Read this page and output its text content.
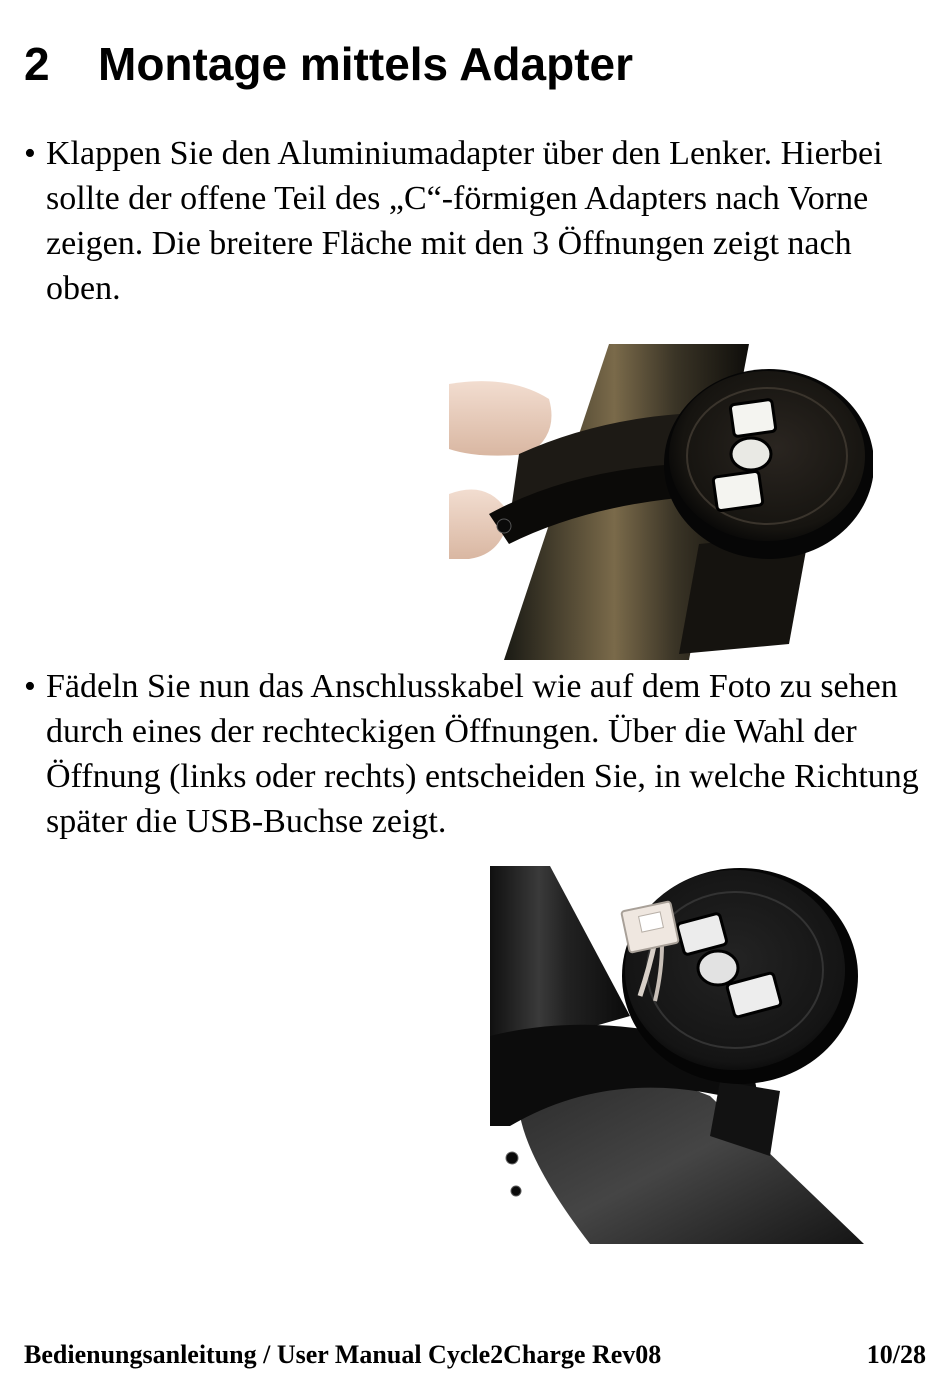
2 Montage mittels Adapter
• Klappen Sie den Aluminiumadapter über den Lenker. Hierbei sollte der offene Teil des „C“-förmigen Adapters nach Vorne zeigen. Die breitere Fläche mit den 3 Öffnungen zeigt nach oben.
• Fädeln Sie nun das Anschlusskabel wie auf dem Foto zu sehen durch eines der rechteckigen Öffnungen. Über die Wahl der Öffnung (links oder rechts) entscheiden Sie, in welche Richtung später die USB-Buchse zeigt.
Bedienungsanleitung / User Manual Cycle2Charge Rev08	10/28
